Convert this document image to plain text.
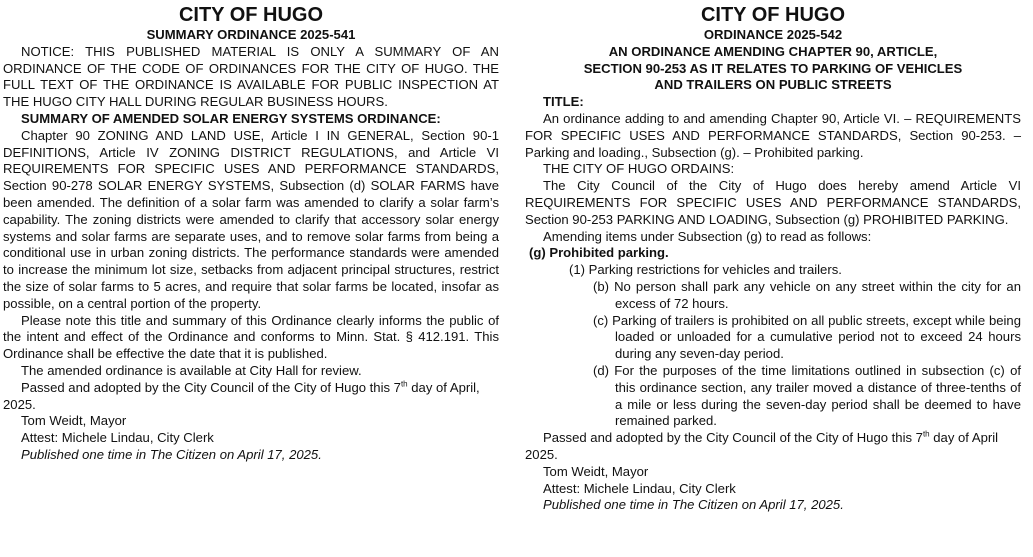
CITY OF HUGO

SUMMARY ORDINANCE 2025-541

NOTICE: THIS PUBLISHED MATERIAL IS ONLY A SUMMARY OF AN ORDINANCE OF THE CODE OF ORDINANCES FOR THE CITY OF HUGO. THE FULL TEXT OF THE ORDINANCE IS AVAILABLE FOR PUBLIC INSPECTION AT THE HUGO CITY HALL DURING REGULAR BUSINESS HOURS.

SUMMARY OF AMENDED SOLAR ENERGY SYSTEMS ORDINANCE:

Chapter 90 ZONING AND LAND USE, Article I IN GENERAL, Section 90-1 DEFINITIONS, Article IV ZONING DISTRICT REGULATIONS, and Article VI REQUIREMENTS FOR SPECIFIC USES AND PERFORMANCE STANDARDS, Section 90-278 SOLAR ENERGY SYSTEMS, Subsection (d) SOLAR FARMS have been amended. The definition of a solar farm was amended to clarify a solar farm’s capability. The zoning districts were amended to clarify that accessory solar energy systems and solar farms are separate uses, and to remove solar farms from being a conditional use in urban zoning districts. The performance standards were amended to increase the minimum lot size, setbacks from adjacent principal structures, restrict the size of solar farms to 5 acres, and require that solar farms be located, insofar as possible, on a central portion of the property.

Please note this title and summary of this Ordinance clearly informs the public of the intent and effect of the Ordinance and conforms to Minn. Stat. § 412.191. This Ordinance shall be effective the date that it is published.

The amended ordinance is available at City Hall for review.

Passed and adopted by the City Council of the City of Hugo this 7th day of April, 2025.

Tom Weidt, Mayor

Attest: Michele Lindau, City Clerk

Published one time in The Citizen on April 17, 2025.

CITY OF HUGO

ORDINANCE 2025-542

AN ORDINANCE AMENDING CHAPTER 90, ARTICLE,

SECTION 90-253 AS IT RELATES TO PARKING OF VEHICLES

AND TRAILERS ON PUBLIC STREETS

TITLE:

An ordinance adding to and amending Chapter 90, Article VI. – REQUIREMENTS FOR SPECIFIC USES AND PERFORMANCE STANDARDS, Section 90-253. – Parking and loading., Subsection (g). – Prohibited parking.

THE CITY OF HUGO ORDAINS:

The City Council of the City of Hugo does hereby amend Article VI REQUIREMENTS FOR SPECIFIC USES AND PERFORMANCE STANDARDS, Section 90-253 PARKING AND LOADING, Subsection (g) PROHIBITED PARKING.

Amending items under Subsection (g) to read as follows:

(g) Prohibited parking.

(1) Parking restrictions for vehicles and trailers.

(b) No person shall park any vehicle on any street within the city for an excess of 72 hours.

(c) Parking of trailers is prohibited on all public streets, except while being loaded or unloaded for a cumulative period not to exceed 24 hours during any seven-day period.

(d) For the purposes of the time limitations outlined in subsection (c) of this ordinance section, any trailer moved a distance of three-tenths of a mile or less during the seven-day period shall be deemed to have remained parked.

Passed and adopted by the City Council of the City of Hugo this 7th day of April 2025.

Tom Weidt, Mayor

Attest: Michele Lindau, City Clerk

Published one time in The Citizen on April 17, 2025.
